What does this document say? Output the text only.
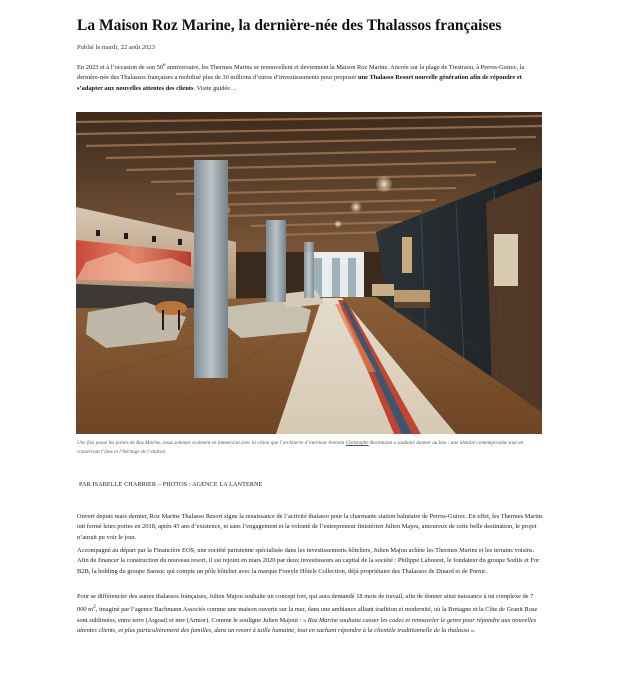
La Maison Roz Marine, la dernière-née des Thalassos françaises
Publié le mardi, 22 août 2023
En 2023 et à l’occasion de son 50e anniversaire, les Thermes Marins se renouvellent et deviennent la Maison Roz Marine. Ancrée sur la plage de Trestraou, à Perros-Guirec, la dernière-née des Thalassos françaises a mobilisé plus de 30 millions d’euros d’investissements pour proposer une Thalasso Resort nouvelle génération afin de répondre et s’adapter aux nouvelles attentes des clients. Visite guidée…
Une fois passé les portes de Roz Marine, nous sommes vraiment en immersion avec la vision que l’architecte d’intérieur bretonn Christophe Bachmann a souhaité donner au lieu : une identité contemporaine tout en conservant l’âme et l’héritage de l’endroit.
PAR ISABELLE CHARRIER – PHOTOS : AGENCE LA LANTERNE
Ouvert depuis mars dernier, Roz Marine Thalasso Resort signe la renaissance de l’activité thalasso pour la charmante station balnéaire de Perros-Guirec. En effet, les Thermes Marins ont fermé leurs portes en 2018, après 45 ans d’existence, et sans l’engagement et la volonté de l’entrepreneur finistérien Julien Majou, amoureux de cette belle destination, le projet n’aurait pu voir le jour.
Accompagné au départ par la Financière EOS, une société parisienne spécialisée dans les investissements hôteliers, Julien Majou achète les Thermes Marins et les terrains voisins. Afin de financer la construction du nouveau resort, il est rejoint en mars 2020 par deux investisseurs au capital de la société : Philippe Labouret, le fondateur du groupe Sodiis et For B2B, la holding du groupe Samsic qui compte un pôle hôtelier avec la marque Foreyle Hôtels Collection, déjà propriétaire des Thalassos de Dinard et de Pornic.
Pour se différencier des autres thalassos françaises, Julien Majou souhaite un concept fort, qui aura demandé 18 mois de travail, afin de donner ainsi naissance à un complexe de 7 000 $m^2$, imaginé par l’agence Bachmann Associés comme une maison ouverte sur la mer, dans une ambiance alliant tradition et modernité, où la Bretagne et la Côte de Granit Rose sont sublimées, entre terre (Argoat) et mer (Armor). Comme le souligne Julien Majout : « Roz Marine souhaite casser les codes et renouveler le genre pour répondre aux nouvelles attentes clients, et plus particulièrement des familles, dans un resort à taille humaine, tout en sachant répondre à la clientèle traditionnelle de la thalasso ».
